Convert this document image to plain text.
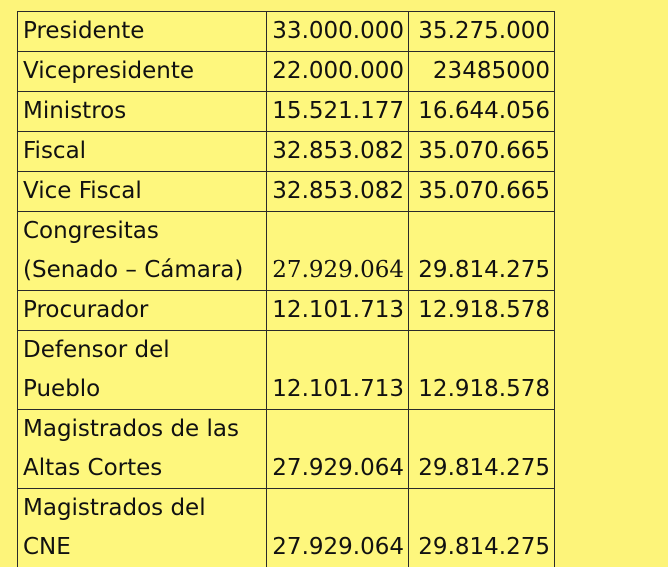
Presidente	33.000.000	35.275.000

Vicepresidente	22.000.000	23485000

Ministros	15.521.177	16.644.056

Fiscal	32.853.082	35.070.665

Vice Fiscal	32.853.082	35.070.665

Congresitas
(Senado – Cámara)	27.929.064	29.814.275

Procurador	12.101.713	12.918.578

Defensor del
Pueblo	12.101.713	12.918.578

Magistrados de las
Altas Cortes	27.929.064	29.814.275

Magistrados del
CNE	27.929.064	29.814.275
